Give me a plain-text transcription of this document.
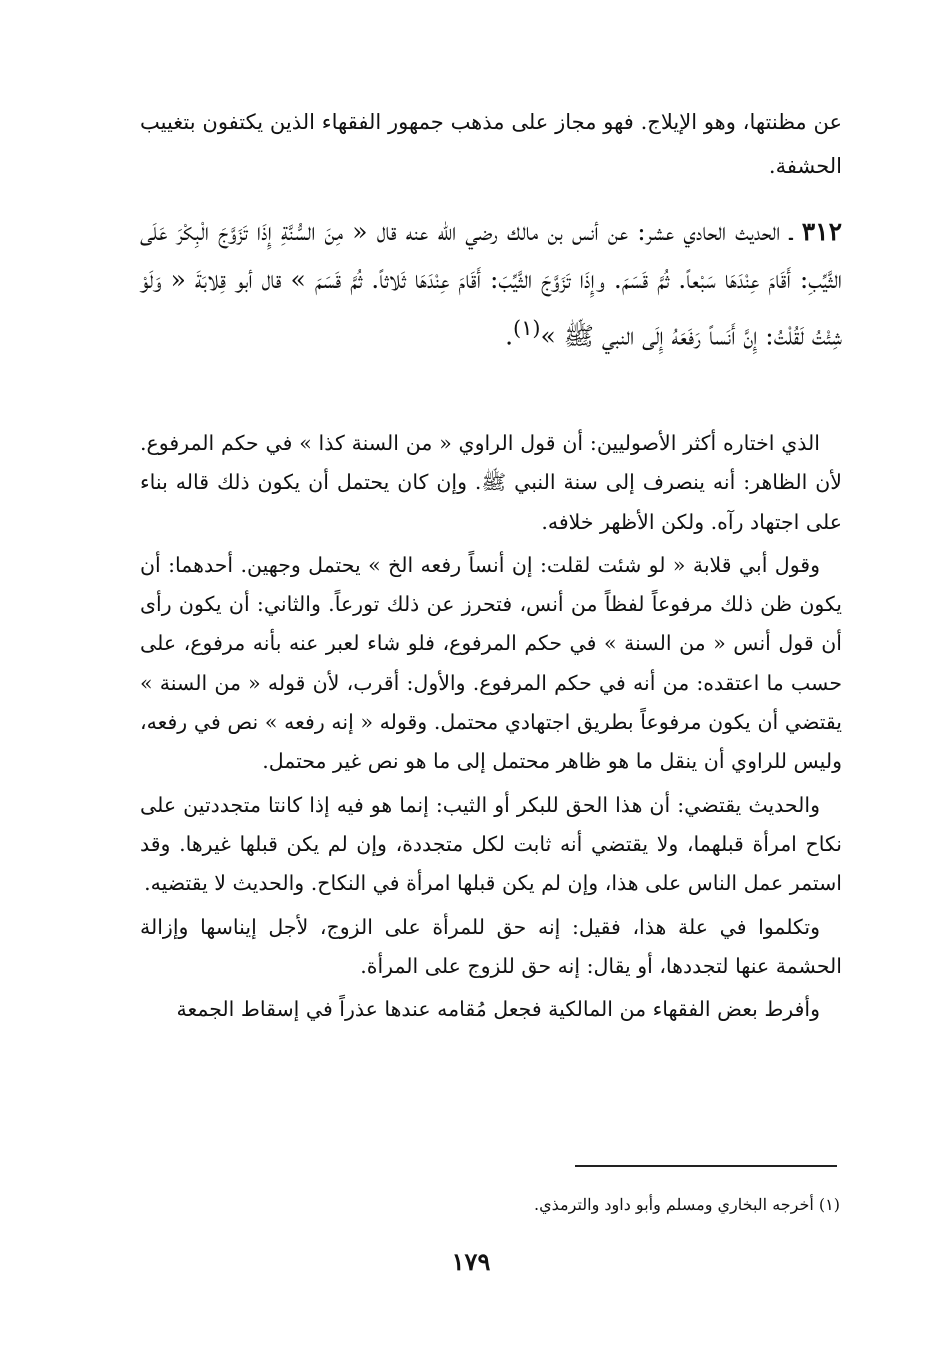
عن مظنتها، وهو الإيلاج. فهو مجاز على مذهب جمهور الفقهاء الذين يكتفون بتغييب الحشفة.
٣١٢ ـ الحديث الحادي عشر: عن أنس بن مالك رضي الله عنه قال « مِنَ السُّنَّةِ إِذَا تَزَوَّجَ الْبِكْرَ عَلَى الثَّيِّبِ: أَقَامَ عِنْدَهَا سَبْعاً. ثُمَّ قَسَمَ. وإِذَا تَزَوَّجَ الثَّيِّبَ: أَقَامَ عِنْدَهَا ثَلاثاً. ثُمَّ قَسَمَ » قال أبو قِلابَةَ « وَلَوْ شِئْتُ لَقُلْتُ: إِنَّ أَنَساً رَفَعَهُ إِلَى النبي ﷺ »$^{(١)}$.

الذي اختاره أكثر الأصوليين: أن قول الراوي « من السنة كذا » في حكم المرفوع. لأن الظاهر: أنه ينصرف إلى سنة النبي ﷺ. وإن كان يحتمل أن يكون ذلك قاله بناء على اجتهاد رآه. ولكن الأظهر خلافه.

وقول أبي قلابة « لو شئت لقلت: إن أنساً رفعه الخ » يحتمل وجهين. أحدهما: أن يكون ظن ذلك مرفوعاً لفظاً من أنس، فتحرز عن ذلك تورعاً. والثاني: أن يكون رأى أن قول أنس « من السنة » في حكم المرفوع، فلو شاء لعبر عنه بأنه مرفوع، على حسب ما اعتقده: من أنه في حكم المرفوع. والأول: أقرب، لأن قوله « من السنة » يقتضي أن يكون مرفوعاً بطريق اجتهادي محتمل. وقوله « إنه رفعه » نص في رفعه، وليس للراوي أن ينقل ما هو ظاهر محتمل إلى ما هو نص غير محتمل.

والحديث يقتضي: أن هذا الحق للبكر أو الثيب: إنما هو فيه إذا كانتا متجددتين على نكاح امرأة قبلهما، ولا يقتضي أنه ثابت لكل متجددة، وإن لم يكن قبلها غيرها. وقد استمر عمل الناس على هذا، وإن لم يكن قبلها امرأة في النكاح. والحديث لا يقتضيه.

وتكلموا في علة هذا، فقيل: إنه حق للمرأة على الزوج، لأجل إيناسها وإزالة الحشمة عنها لتجددها، أو يقال: إنه حق للزوج على المرأة.

وأفرط بعض الفقهاء من المالكية فجعل مُقامه عندها عذراً في إسقاط الجمعة

(١) أخرجه البخاري ومسلم وأبو داود والترمذي.
١٧٩
